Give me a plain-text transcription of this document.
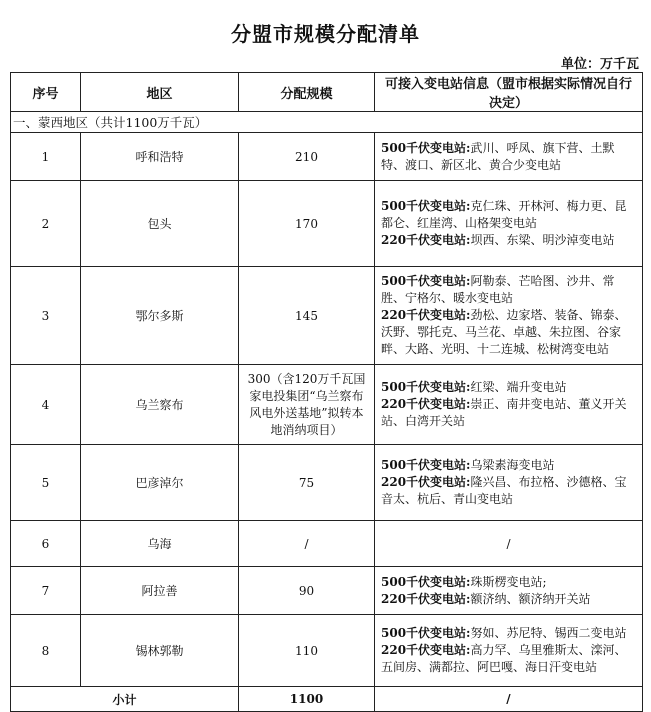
分盟市规模分配清单
单位：万千瓦
序号	地区	分配规模	可接入变电站信息（盟市根据实际情况自行决定）
一、蒙西地区（共计1100万千瓦）			
1	呼和浩特	210	500千伏变电站:武川、呼凤、旗下营、土默特、渡口、新区北、黄合少变电站

2	包头	170	500千伏变电站:克仁珠、开林河、梅力更、昆都仑、红崖湾、山格架变电站
220千伏变电站:坝西、东梁、明沙淖变电站

3	鄂尔多斯	145	500千伏变电站:阿勒泰、芒哈图、沙井、常胜、宁格尔、暖水变电站
220千伏变电站:劲松、边家塔、装备、锦泰、沃野、鄂托克、马兰花、卓越、朱拉图、谷家畔、大路、光明、十二连城、松树湾变电站

4	乌兰察布	300（含120万千瓦国家电投集团“乌兰察布风电外送基地”拟转本地消纳项目）	500千伏变电站:红梁、端升变电站
220千伏变电站:崇正、南井变电站、董义开关站、白湾开关站

5	巴彦淖尔	75	500千伏变电站:乌梁素海变电站
220千伏变电站:隆兴昌、布拉格、沙德格、宝音太、杭后、青山变电站

6	乌海	/	/
7	阿拉善	90	500千伏变电站:珠斯楞变电站;
220千伏变电站:额济纳、额济纳开关站

8	锡林郭勒	110	500千伏变电站:努如、苏尼特、锡西二变电站
220千伏变电站:高力罕、乌里雅斯太、滦河、五间房、满都拉、阿巴嘎、海日汗变电站

小计		1100	/
